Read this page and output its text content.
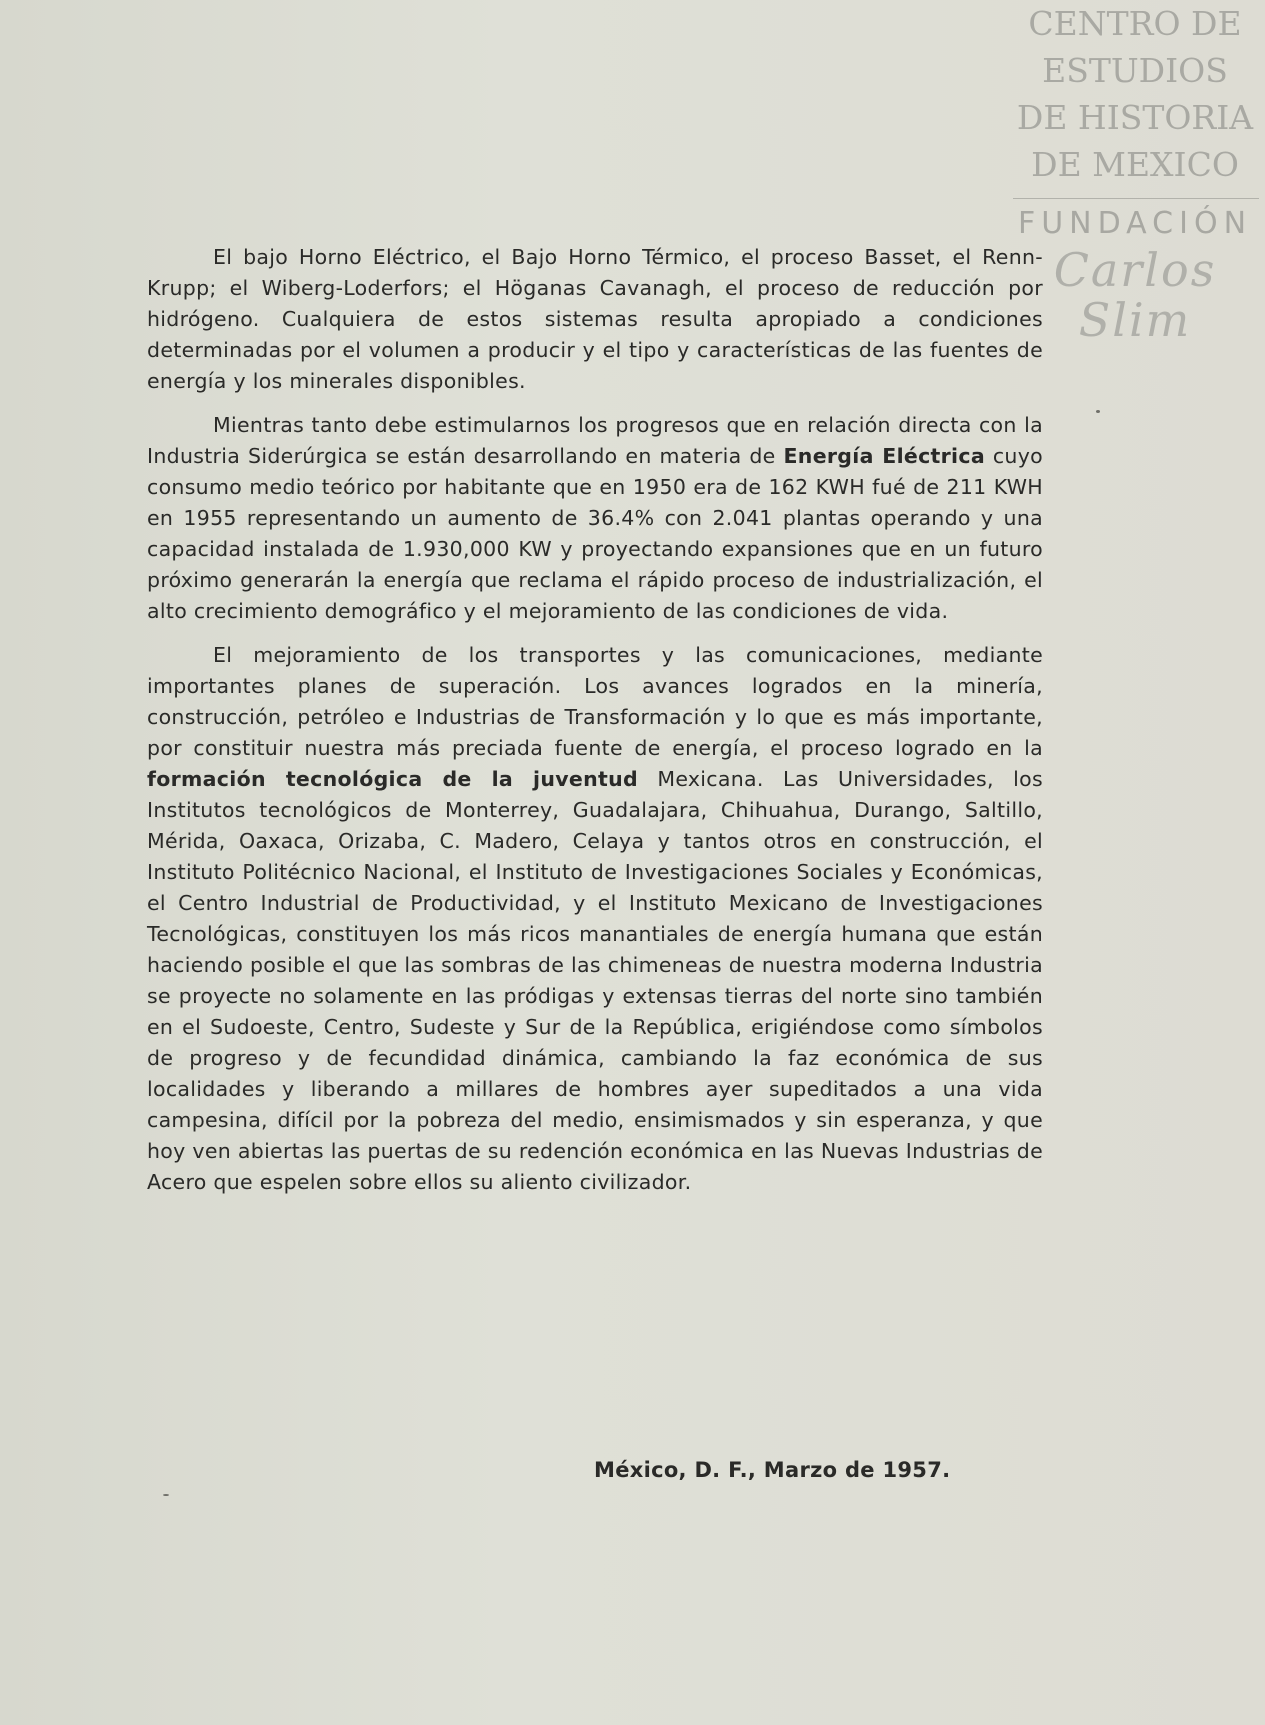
CENTRO DE
ESTUDIOS
DE HISTORIA
DE MEXICO
FUNDACIÓN
Carlos Slim

El bajo Horno Eléctrico, el Bajo Horno Térmico, el proceso Basset, el Renn-Krupp; el Wiberg-Loderfors; el Höganas Cavanagh, el proceso de reducción por hidrógeno. Cualquiera de estos sistemas resulta apropiado a condiciones determinadas por el volumen a producir y el tipo y características de las fuentes de energía y los minerales disponibles.

Mientras tanto debe estimularnos los progresos que en relación directa con la Industria Siderúrgica se están desarrollando en materia de Energía Eléctrica cuyo consumo medio teórico por habitante que en 1950 era de 162 KWH fué de 211 KWH en 1955 representando un aumento de 36.4% con 2.041 plantas operando y una capacidad instalada de 1.930,000 KW y proyectando expansiones que en un futuro próximo generarán la energía que reclama el rápido proceso de industrialización, el alto crecimiento demográfico y el mejoramiento de las condiciones de vida.

El mejoramiento de los transportes y las comunicaciones, mediante importantes planes de superación. Los avances logrados en la minería, construcción, petróleo e Industrias de Transformación y lo que es más importante, por constituir nuestra más preciada fuente de energía, el proceso logrado en la formación tecnológica de la juventud Mexicana. Las Universidades, los Institutos tecnológicos de Monterrey, Guadalajara, Chihuahua, Durango, Saltillo, Mérida, Oaxaca, Orizaba, C. Madero, Celaya y tantos otros en construcción, el Instituto Politécnico Nacional, el Instituto de Investigaciones Sociales y Económicas, el Centro Industrial de Productividad, y el Instituto Mexicano de Investigaciones Tecnológicas, constituyen los más ricos manantiales de energía humana que están haciendo posible el que las sombras de las chimeneas de nuestra moderna Industria se proyecte no solamente en las pródigas y extensas tierras del norte sino también en el Sudoeste, Centro, Sudeste y Sur de la República, erigiéndose como símbolos de progreso y de fecundidad dinámica, cambiando la faz económica de sus localidades y liberando a millares de hombres ayer supeditados a una vida campesina, difícil por la pobreza del medio, ensimismados y sin esperanza, y que hoy ven abiertas las puertas de su redención económica en las Nuevas Industrias de Acero que espelen sobre ellos su aliento civilizador.

México, D. F., Marzo de 1957.
